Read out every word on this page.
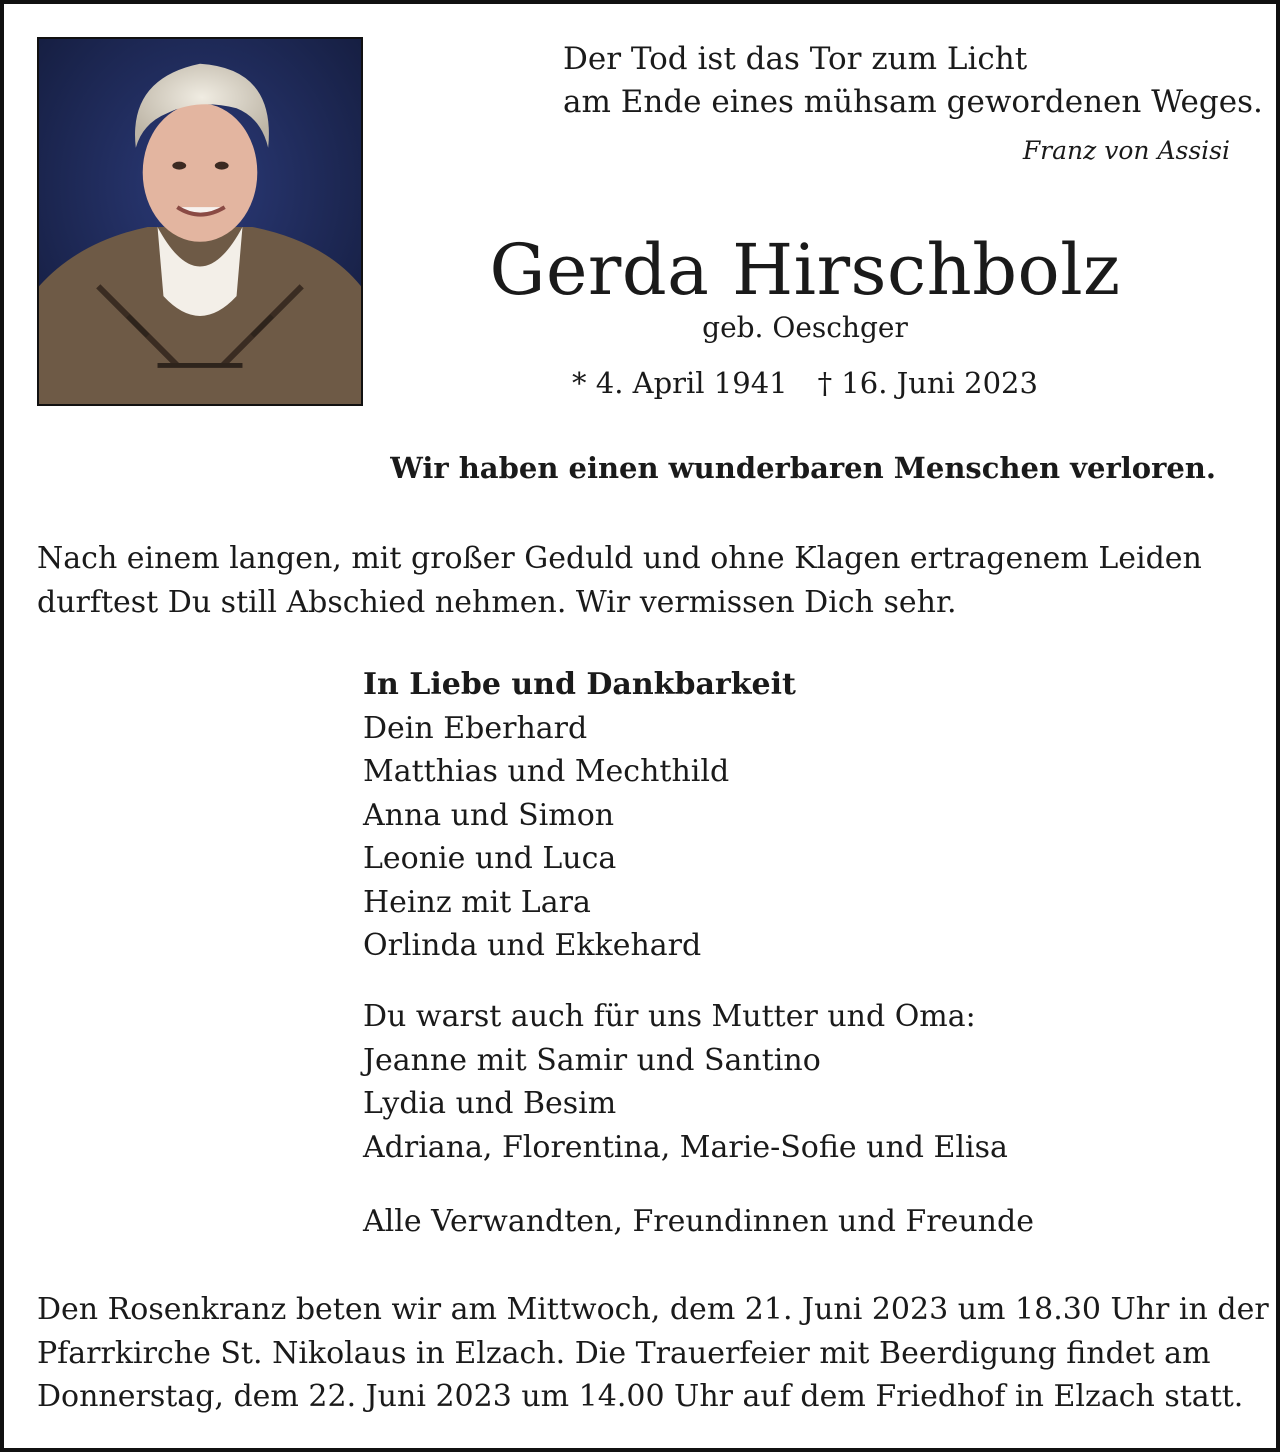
Der Tod ist das Tor zum Licht
am Ende eines mühsam gewordenen Weges.
Franz von Assisi
Gerda Hirschbolz
geb. Oeschger
* 4. April 1941 † 16. Juni 2023
Wir haben einen wunderbaren Menschen verloren.
Nach einem langen, mit großer Geduld und ohne Klagen ertragenem Leiden
durftest Du still Abschied nehmen. Wir vermissen Dich sehr.
In Liebe und Dankbarkeit
Dein Eberhard
Matthias und Mechthild
Anna und Simon
Leonie und Luca
Heinz mit Lara
Orlinda und Ekkehard
Du warst auch für uns Mutter und Oma:
Jeanne mit Samir und Santino
Lydia und Besim
Adriana, Florentina, Marie-Sofie und Elisa
Alle Verwandten, Freundinnen und Freunde
Den Rosenkranz beten wir am Mittwoch, dem 21. Juni 2023 um 18.30 Uhr in der
Pfarrkirche St. Nikolaus in Elzach. Die Trauerfeier mit Beerdigung findet am
Donnerstag, dem 22. Juni 2023 um 14.00 Uhr auf dem Friedhof in Elzach statt.
